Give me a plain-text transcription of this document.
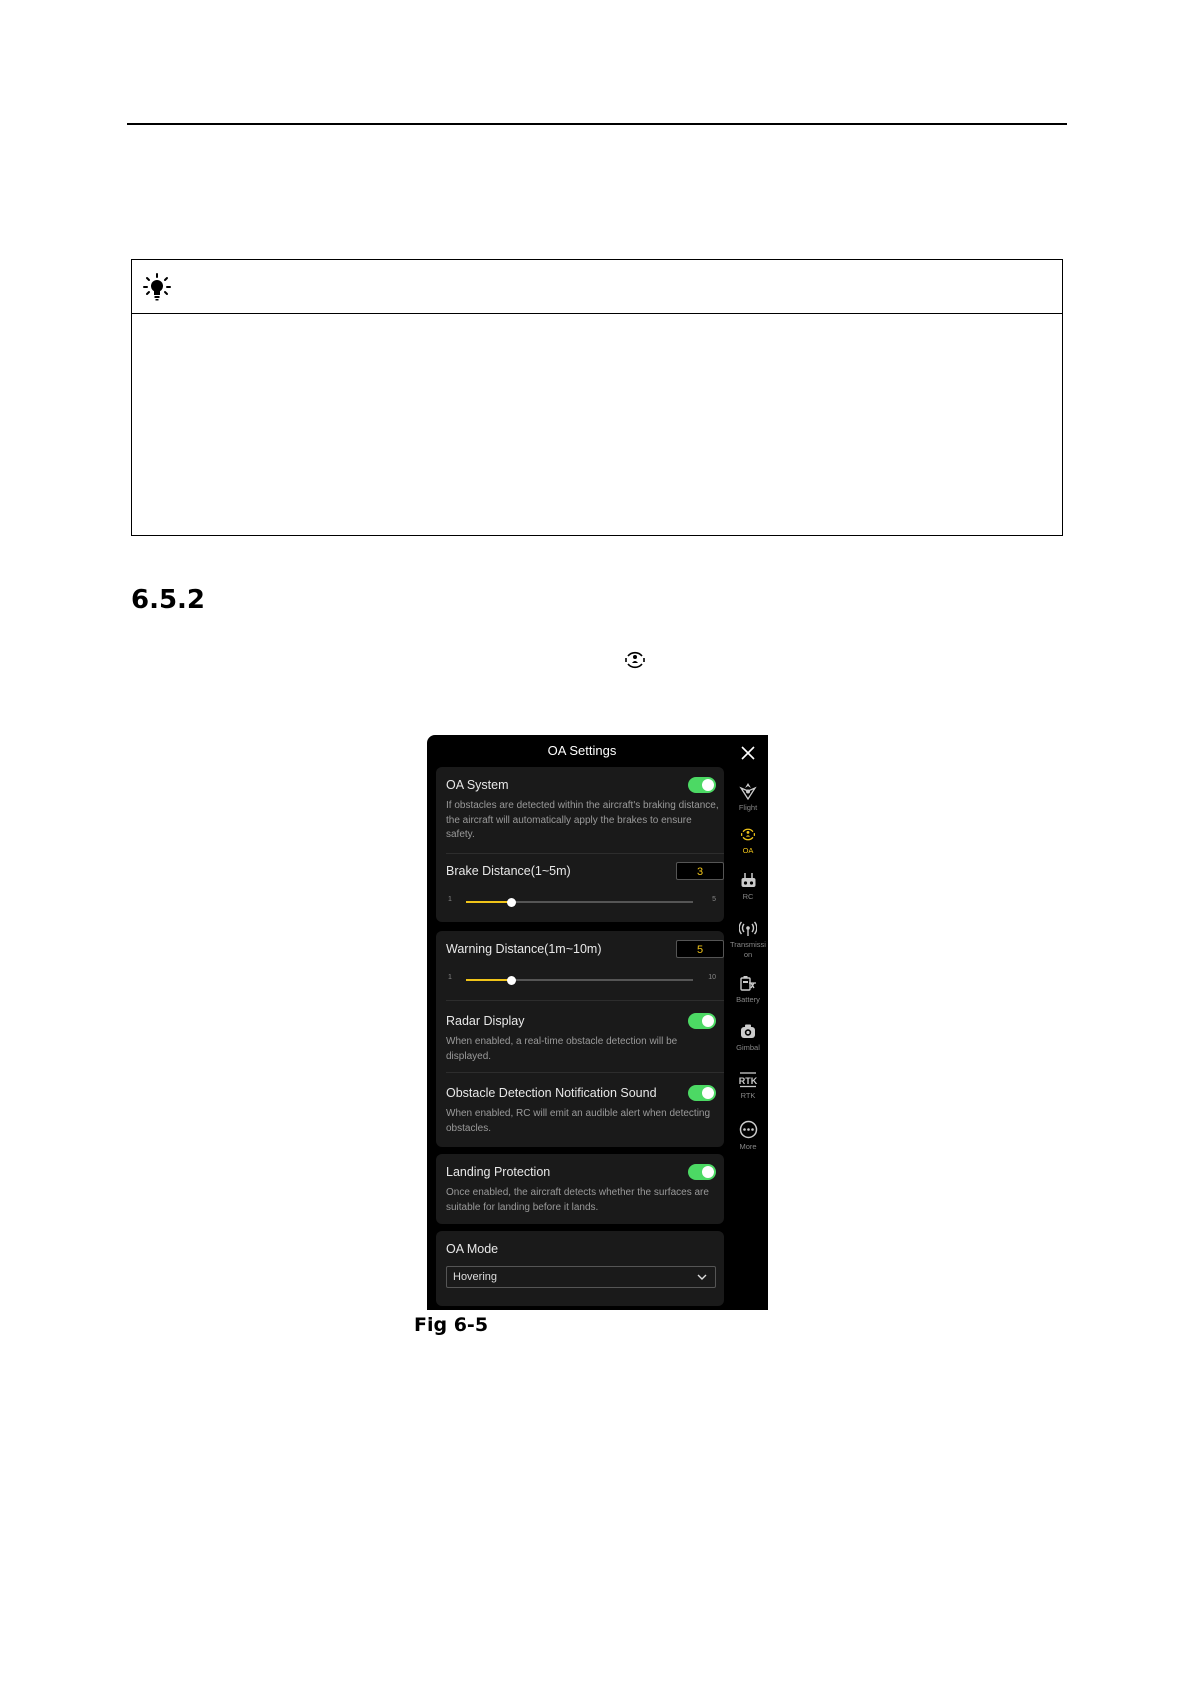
6.5.2
OA Settings
OA System
If obstacles are detected within the aircraft's braking distance, the aircraft will automatically apply the brakes to ensure safety.
Brake Distance(1~5m)	3
1	5
Warning Distance(1m~10m)	5
1	10
Radar Display
When enabled, a real-time obstacle detection will be displayed.
Obstacle Detection Notification Sound
When enabled, RC will emit an audible alert when detecting obstacles.
Landing Protection
Once enabled, the aircraft detects whether the surfaces are suitable for landing before it lands.
OA Mode
Hovering
Flight
OA
RC
Transmission
Battery
Gimbal
RTK
RTK
More
Fig 6-5
